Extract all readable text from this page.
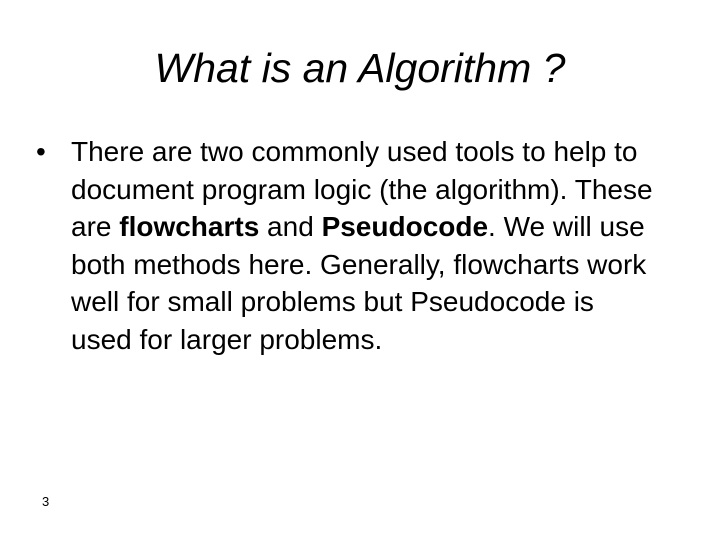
What is an Algorithm ?
• There are two commonly used tools to help to document program logic (the algorithm). These are flowcharts and Pseudocode. We will use both methods here. Generally, flowcharts work well for small problems but Pseudocode is used for larger problems.
3
